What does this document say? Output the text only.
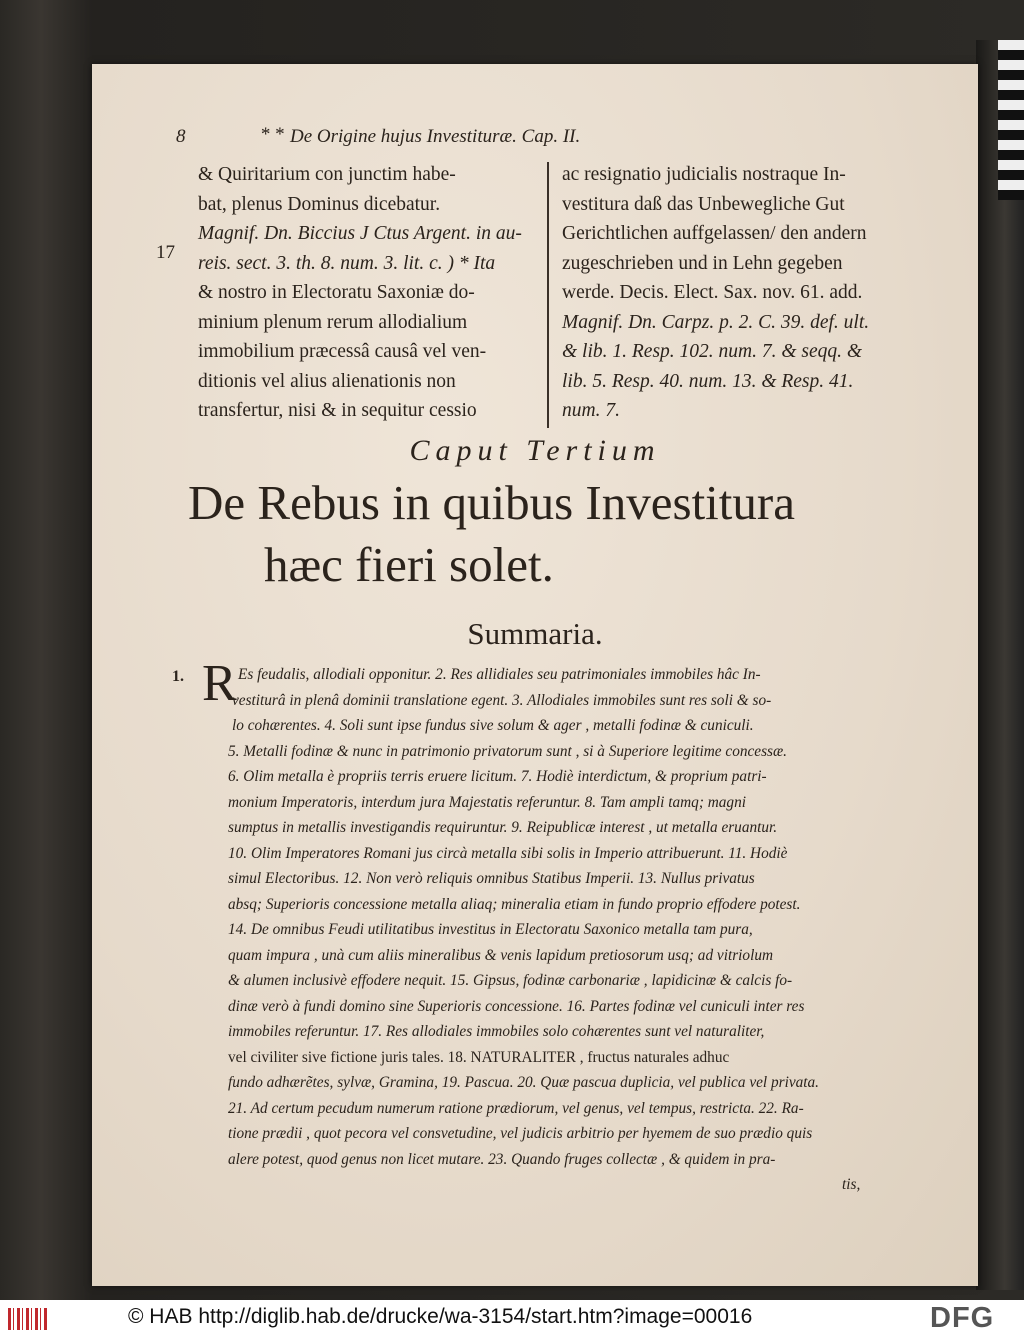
8	* * De Origine hujus Investituræ. Cap. II.
17
& Quiritarium con junctim habe-
bat, plenus Dominus dicebatur.
Magnif. Dn. Biccius J Ctus Argent. in au-
reis. sect. 3. th. 8. num. 3. lit. c. ) * Ita
& nostro in Electoratu Saxoniæ do-
minium plenum rerum allodialium
immobilium præcessâ causâ vel ven-
ditionis vel alius alienationis non
transfertur, nisi & in sequitur cessio
ac resignatio judicialis nostraque In-
vestitura daß das Unbewegliche Gut
Gerichtlichen auffgelassen/ den andern
zugeschrieben und in Lehn gegeben
werde. Decis. Elect. Sax. nov. 61. add.
Magnif. Dn. Carpz. p. 2. C. 39. def. ult.
& lib. 1. Resp. 102. num. 7. & seqq. &
lib. 5. Resp. 40. num. 13. & Resp. 41.
num. 7.
Caput Tertium
De Rebus in quibus Investitura
hæc fieri solet.
Summaria.
1. R Es feudalis, allodiali opponitur. 2. Res allidiales seu patrimoniales immobiles hâc In-
vestiturâ in plenâ dominii translatione egent. 3. Allodiales immobiles sunt res soli & so-
lo cohærentes. 4. Soli sunt ipse fundus sive solum & ager , metalli fodinæ & cuniculi.
5. Metalli fodinæ & nunc in patrimonio privatorum sunt , si à Superiore legitime concessæ.
6. Olim metalla è propriis terris eruere licitum. 7. Hodiè interdictum, & proprium patri-
monium Imperatoris, interdum jura Majestatis referuntur. 8. Tam ampli tamq; magni
sumptus in metallis investigandis requiruntur. 9. Reipublicæ interest , ut metalla eruantur.
10. Olim Imperatores Romani jus circà metalla sibi solis in Imperio attribuerunt. 11. Hodiè
simul Electoribus. 12. Non verò reliquis omnibus Statibus Imperii. 13. Nullus privatus
absq; Superioris concessione metalla aliaq; mineralia etiam in fundo proprio effodere potest.
14. De omnibus Feudi utilitatibus investitus in Electoratu Saxonico metalla tam pura,
quam impura , unà cum aliis mineralibus & venis lapidum pretiosorum usq; ad vitriolum
& alumen inclusivè effodere nequit. 15. Gipsus, fodinæ carbonariæ , lapidicinæ & calcis fo-
dinæ verò à fundi domino sine Superioris concessione. 16. Partes fodinæ vel cuniculi inter res
immobiles referuntur. 17. Res allodiales immobiles solo cohærentes sunt vel naturaliter,
vel civiliter sive fictione juris tales. 18. NATURALITER , fructus naturales adhuc
fundo adhærẽtes, sylvæ, Gramina, 19. Pascua. 20. Quæ pascua duplicia, vel publica vel privata.
21. Ad certum pecudum numerum ratione prædiorum, vel genus, vel tempus, restricta. 22. Ra-
tione prædii , quot pecora vel consvetudine, vel judicis arbitrio per hyemem de suo prædio quis
alere potest, quod genus non licet mutare. 23. Quando fruges collectæ , & quidem in pra-
tis,
© HAB http://diglib.hab.de/drucke/wa-3154/start.htm?image=00016	DFG
